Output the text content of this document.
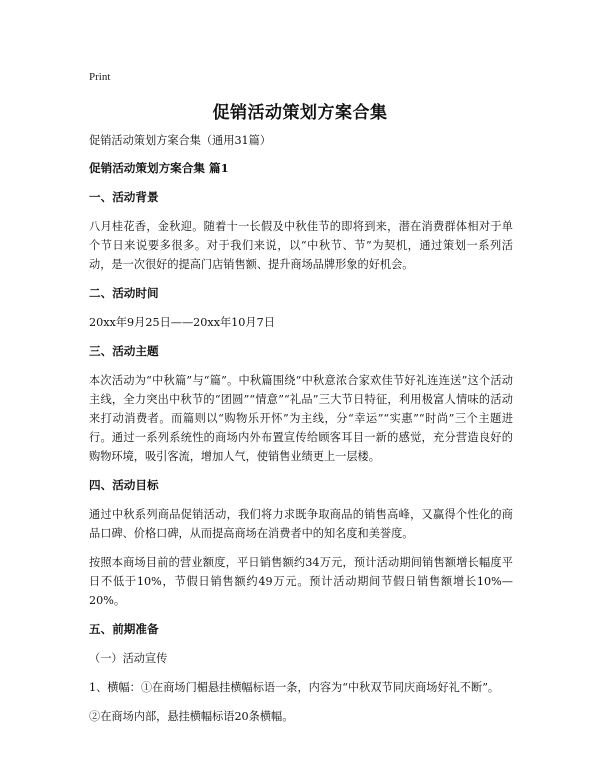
Print
促销活动策划方案合集
促销活动策划方案合集（通用31篇）
促销活动策划方案合集 篇1
一、活动背景
八月桂花香，金秋迎。随着十一长假及中秋佳节的即将到来，潜在消费群体相对于单个节日来说要多很多。对于我们来说，以“中秋节、节”为契机，通过策划一系列活动，是一次很好的提高门店销售额、提升商场品牌形象的好机会。
二、活动时间
20xx年9月25日——20xx年10月7日
三、活动主题
本次活动为“中秋篇”与“篇”。中秋篇围绕“中秋意浓合家欢佳节好礼连连送”这个活动主线，全力突出中秋节的“团圆”“情意”“礼品”三大节日特征，利用极富人情味的活动来打动消费者。而篇则以“购物乐开怀”为主线，分“幸运”“实惠”“时尚”三个主题进行。通过一系列系统性的商场内外布置宣传给顾客耳目一新的感觉，充分营造良好的购物环境，吸引客流，增加人气，使销售业绩更上一层楼。
四、活动目标
通过中秋系列商品促销活动，我们将力求既争取商品的销售高峰，又赢得个性化的商品口碑、价格口碑，从而提高商场在消费者中的知名度和美誉度。
按照本商场目前的营业额度，平日销售额约34万元，预计活动期间销售额增长幅度平日不低于10%，节假日销售额约49万元。预计活动期间节假日销售额增长10%—20%。
五、前期准备
（一）活动宣传
1、横幅：①在商场门楣悬挂横幅标语一条，内容为“中秋双节同庆商场好礼不断”。
②在商场内部，悬挂横幅标语20条横幅。
